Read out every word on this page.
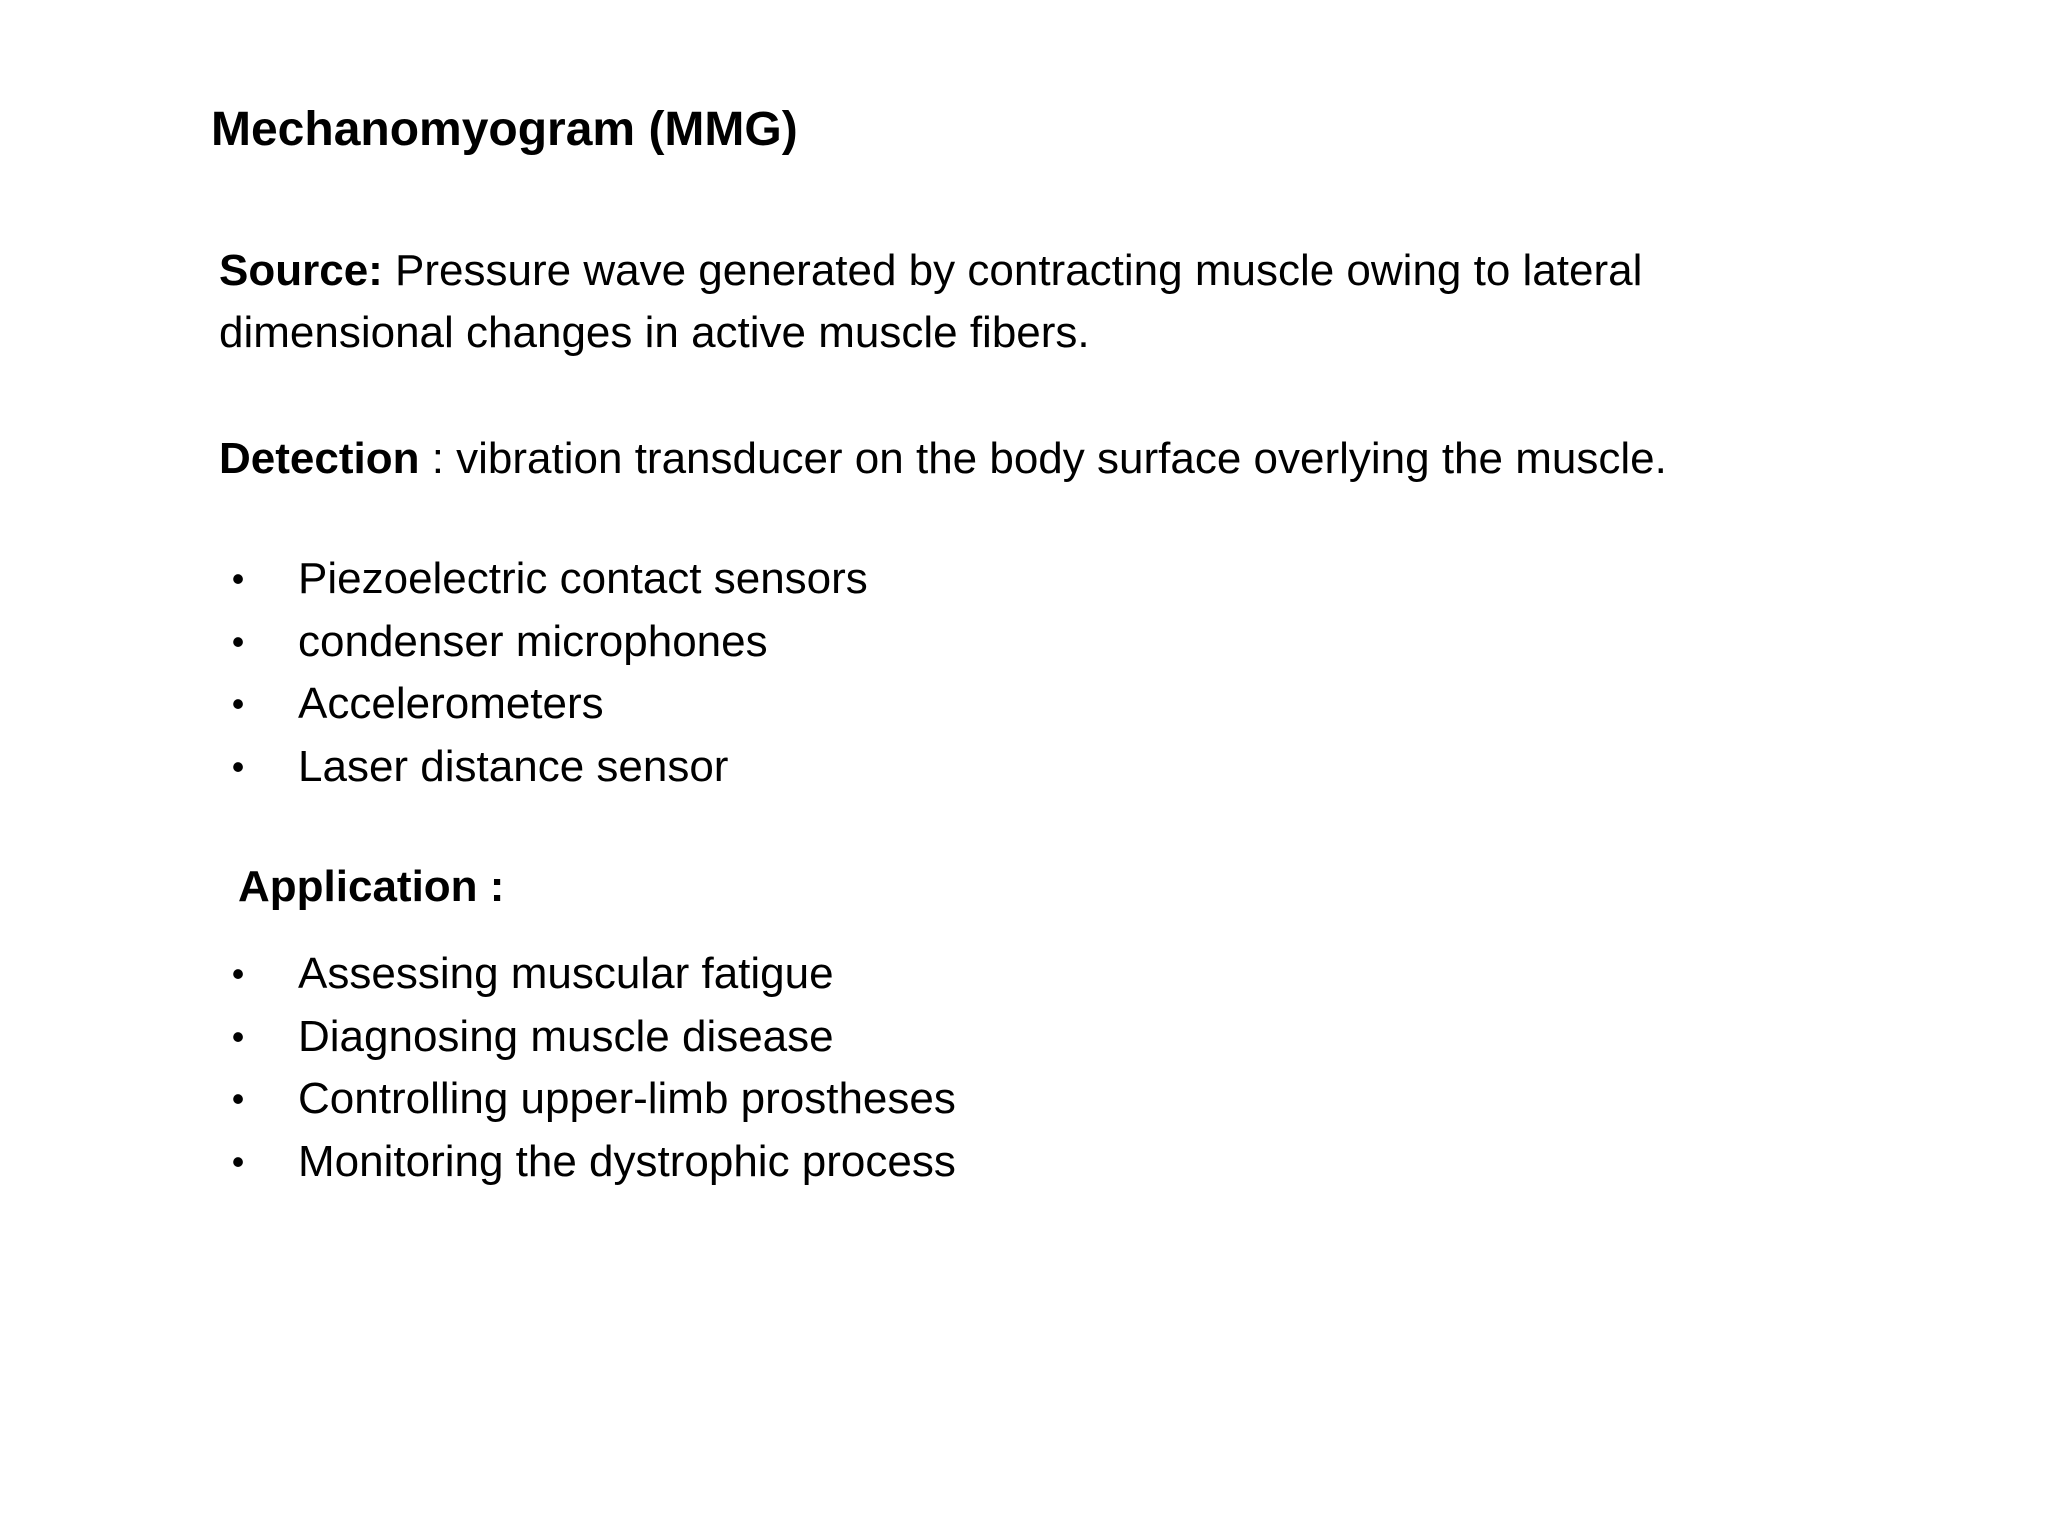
Mechanomyogram (MMG)
Source: Pressure wave generated by contracting muscle owing to lateral dimensional changes in active muscle fibers.
Detection : vibration transducer on the body surface overlying the muscle.
• Piezoelectric contact sensors
• condenser microphones
• Accelerometers
• Laser distance sensor
Application :
• Assessing muscular fatigue
• Diagnosing muscle disease
• Controlling upper-limb prostheses
• Monitoring the dystrophic process
